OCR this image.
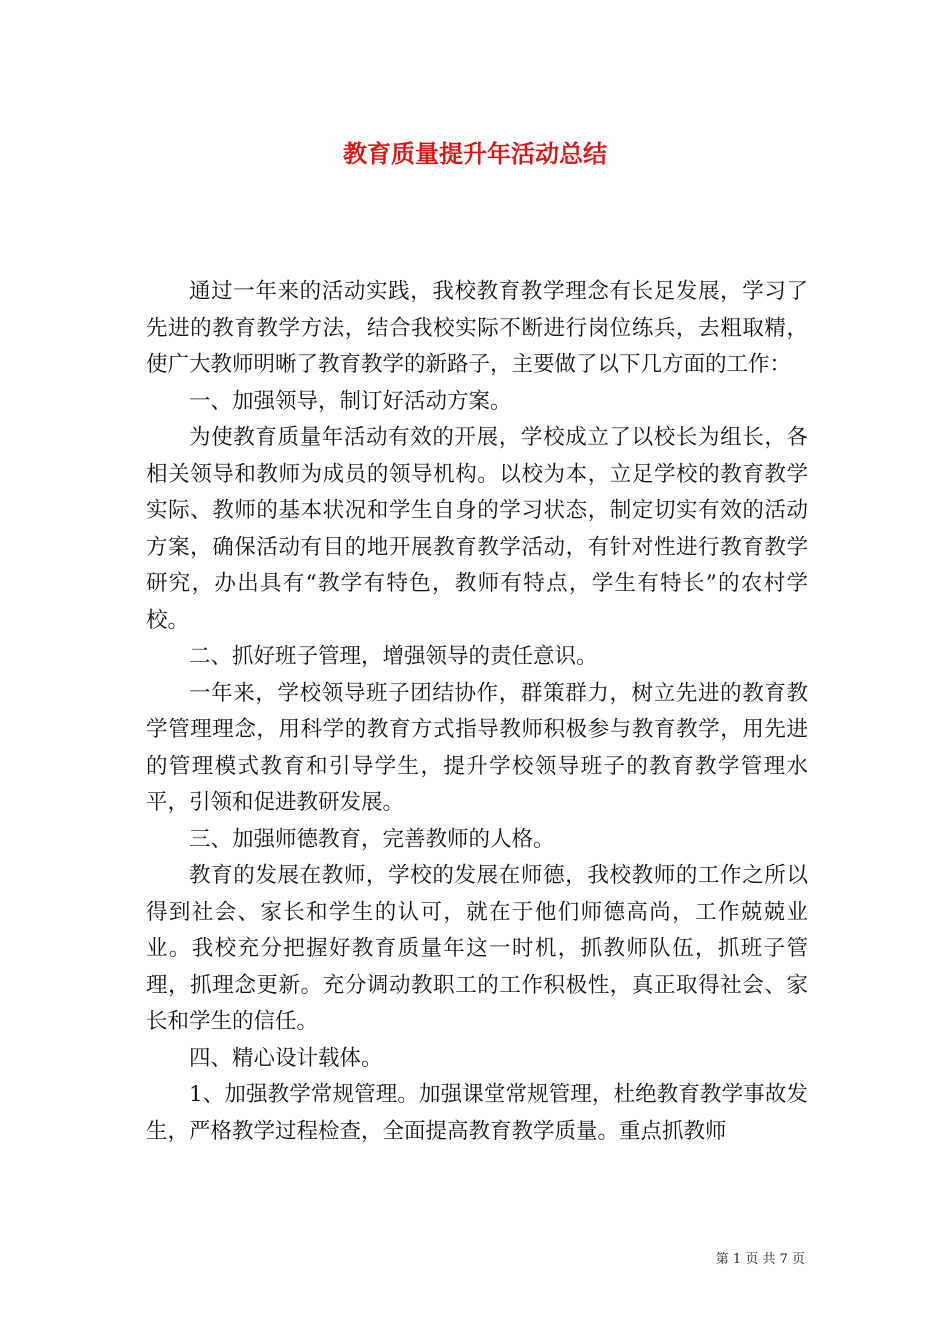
教育质量提升年活动总结

通过一年来的活动实践，我校教育教学理念有长足发展，学习了先进的教育教学方法，结合我校实际不断进行岗位练兵，去粗取精，使广大教师明晰了教育教学的新路子，主要做了以下几方面的工作：

一、加强领导，制订好活动方案。

为使教育质量年活动有效的开展，学校成立了以校长为组长，各相关领导和教师为成员的领导机构。以校为本，立足学校的教育教学实际、教师的基本状况和学生自身的学习状态，制定切实有效的活动方案，确保活动有目的地开展教育教学活动，有针对性进行教育教学研究，办出具有“教学有特色，教师有特点，学生有特长”的农村学校。

二、抓好班子管理，增强领导的责任意识。

一年来，学校领导班子团结协作，群策群力，树立先进的教育教学管理理念，用科学的教育方式指导教师积极参与教育教学，用先进的管理模式教育和引导学生，提升学校领导班子的教育教学管理水平，引领和促进教研发展。

三、加强师德教育，完善教师的人格。

教育的发展在教师，学校的发展在师德，我校教师的工作之所以得到社会、家长和学生的认可，就在于他们师德高尚，工作兢兢业业。我校充分把握好教育质量年这一时机，抓教师队伍，抓班子管理，抓理念更新。充分调动教职工的工作积极性，真正取得社会、家长和学生的信任。

四、精心设计载体。

1、加强教学常规管理。加强课堂常规管理，杜绝教育教学事故发生，严格教学过程检查，全面提高教育教学质量。重点抓教师

第 1 页 共 7 页
